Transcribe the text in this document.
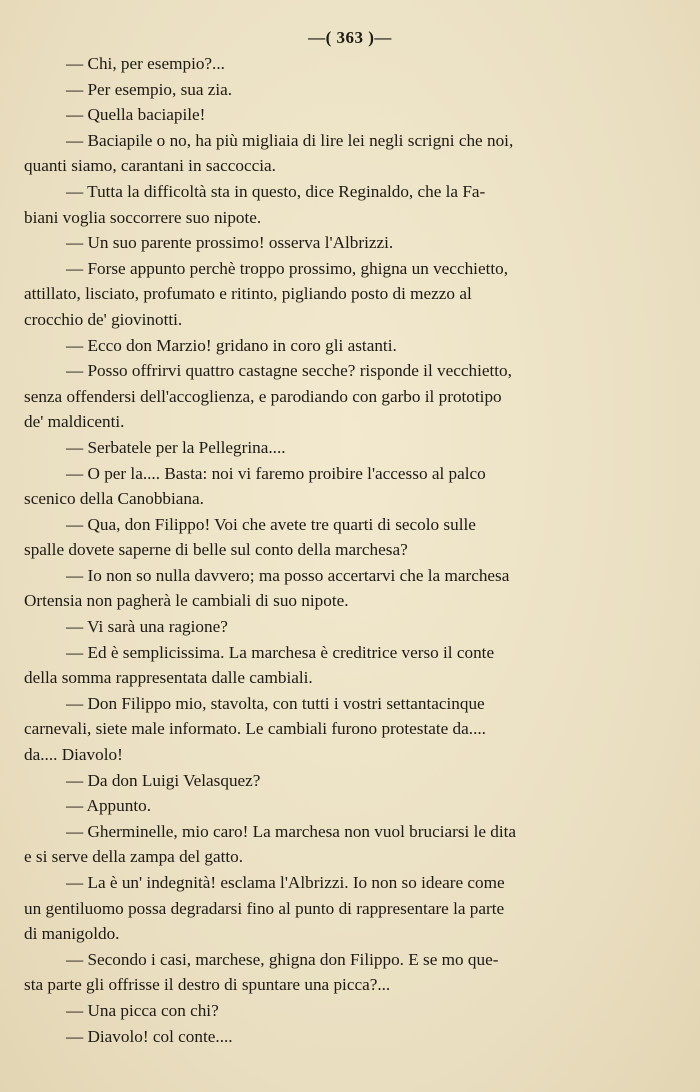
—( 363 )—

— Chi, per esempio?...

— Per esempio, sua zia.

— Quella baciapile!

— Baciapile o no, ha più migliaia di lire lei negli scrigni che noi,
quanti siamo, carantani in saccoccia.

— Tutta la difficoltà sta in questo, dice Reginaldo, che la Fa-
biani voglia soccorrere suo nipote.

— Un suo parente prossimo! osserva l'Albrizzi.

— Forse appunto perchè troppo prossimo, ghigna un vecchietto,
attillato, lisciato, profumato e ritinto, pigliando posto di mezzo al
crocchio de' giovinotti.

— Ecco don Marzio! gridano in coro gli astanti.

— Posso offrirvi quattro castagne secche? risponde il vecchietto,
senza offendersi dell'accoglienza, e parodiando con garbo il prototipo
de' maldicenti.

— Serbatele per la Pellegrina....

— O per la.... Basta: noi vi faremo proibire l'accesso al palco
scenico della Canobbiana.

— Qua, don Filippo! Voi che avete tre quarti di secolo sulle
spalle dovete saperne di belle sul conto della marchesa?

— Io non so nulla davvero; ma posso accertarvi che la marchesa
Ortensia non pagherà le cambiali di suo nipote.

— Vi sarà una ragione?

— Ed è semplicissima. La marchesa è creditrice verso il conte
della somma rappresentata dalle cambiali.

— Don Filippo mio, stavolta, con tutti i vostri settantacinque
carnevali, siete male informato. Le cambiali furono protestate da....
da.... Diavolo!

— Da don Luigi Velasquez?

— Appunto.

— Gherminelle, mio caro! La marchesa non vuol bruciarsi le dita
e si serve della zampa del gatto.

— La è un' indegnità! esclama l'Albrizzi. Io non so ideare come
un gentiluomo possa degradarsi fino al punto di rappresentare la parte
di manigoldo.

— Secondo i casi, marchese, ghigna don Filippo. E se mo que-
sta parte gli offrisse il destro di spuntare una picca?...

— Una picca con chi?

— Diavolo! col conte....
